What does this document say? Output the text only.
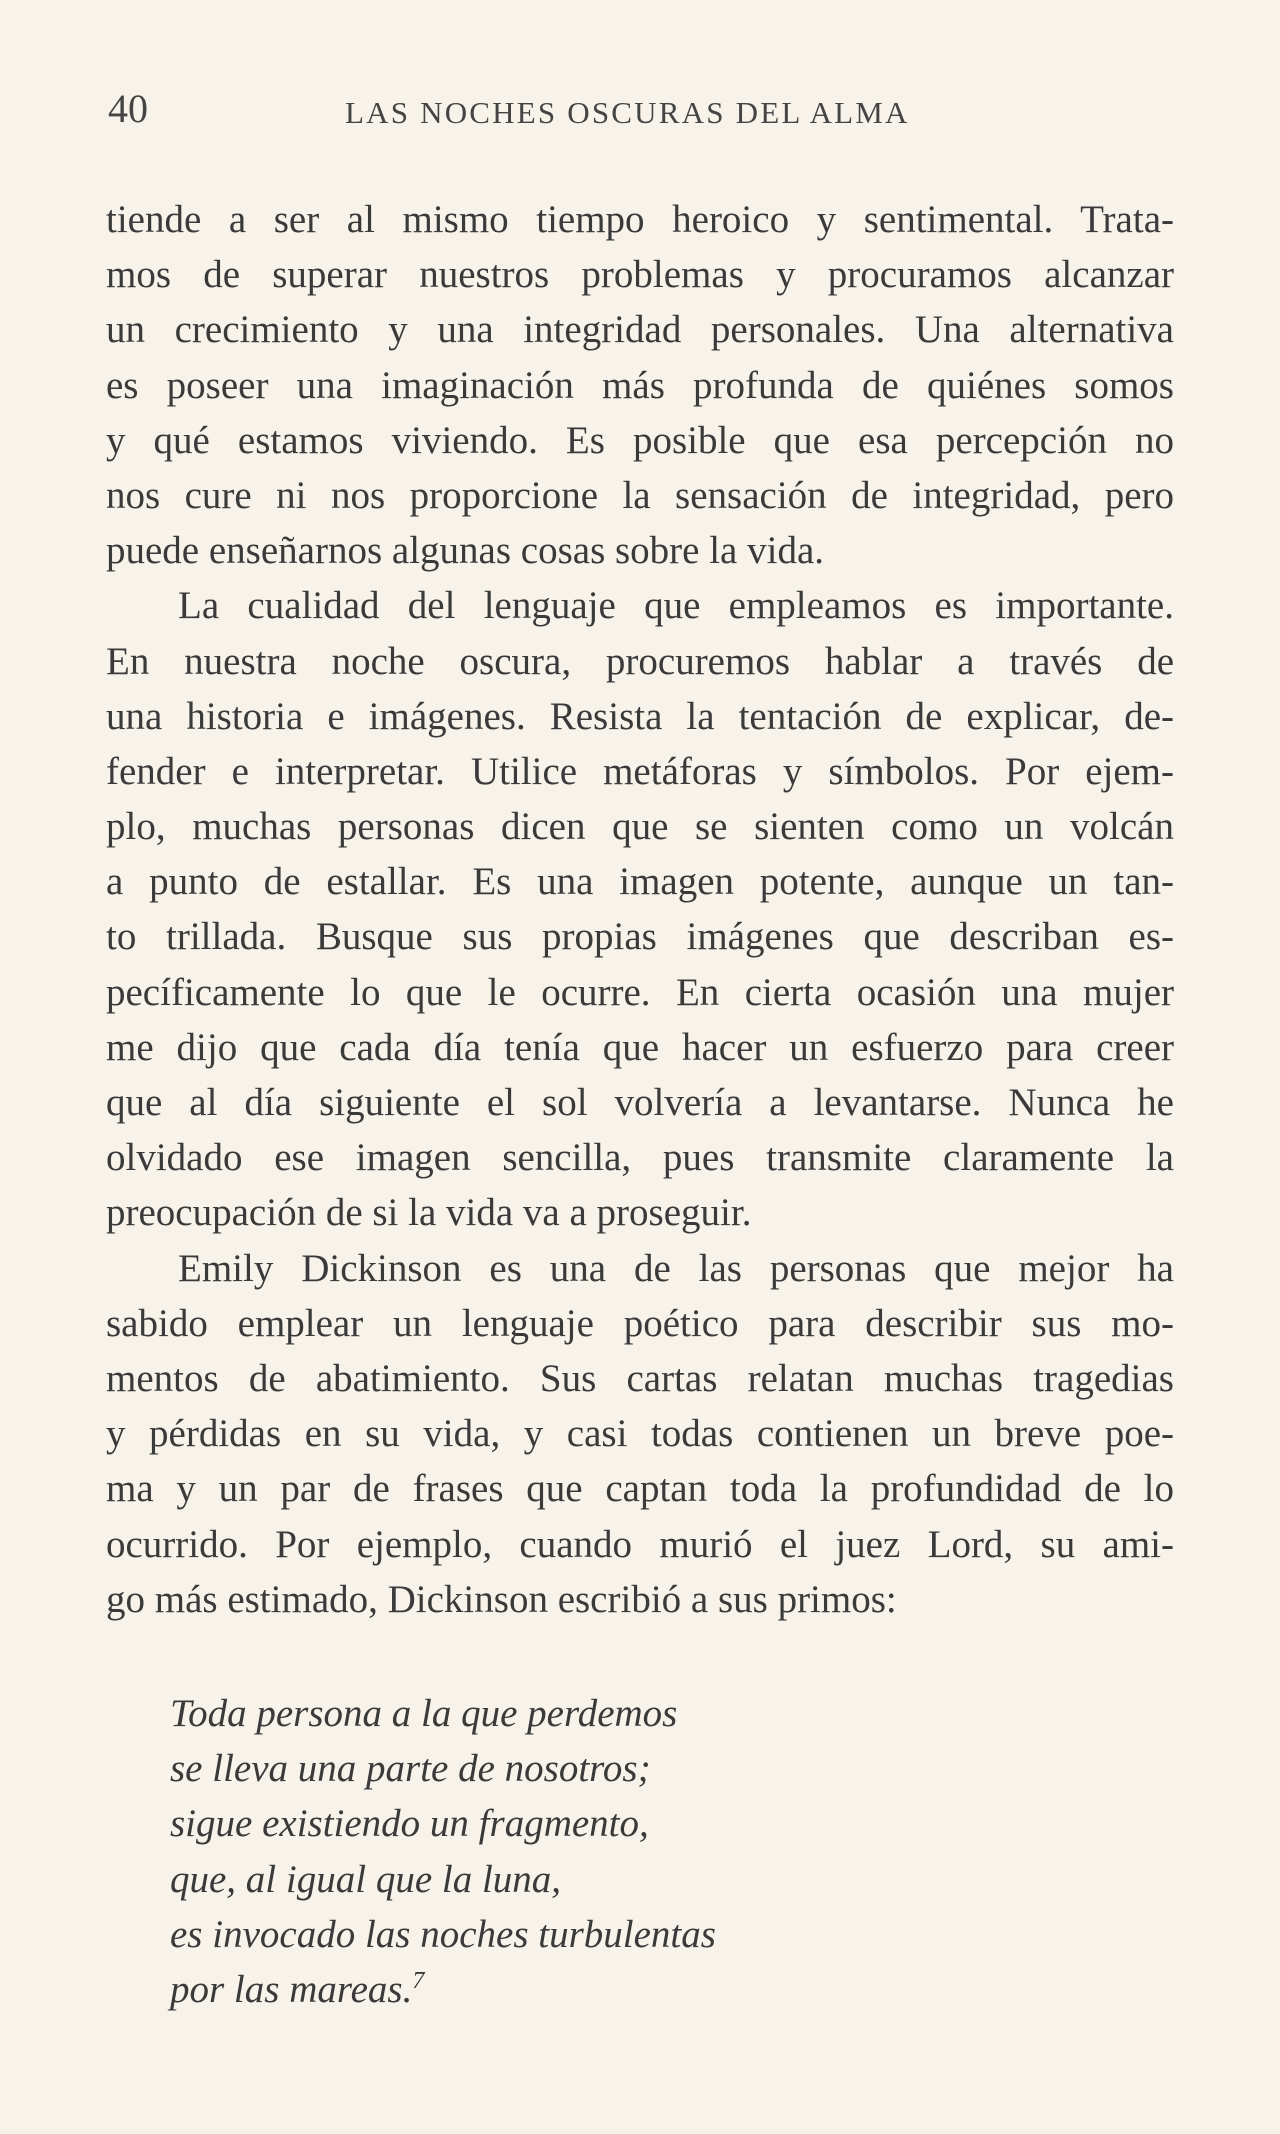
40	LAS NOCHES OSCURAS DEL ALMA
tiende a ser al mismo tiempo heroico y sentimental. Trata-
mos de superar nuestros problemas y procuramos alcanzar
un crecimiento y una integridad personales. Una alternativa
es poseer una imaginación más profunda de quiénes somos
y qué estamos viviendo. Es posible que esa percepción no
nos cure ni nos proporcione la sensación de integridad, pero
puede enseñarnos algunas cosas sobre la vida.
La cualidad del lenguaje que empleamos es importante.
En nuestra noche oscura, procuremos hablar a través de
una historia e imágenes. Resista la tentación de explicar, de-
fender e interpretar. Utilice metáforas y símbolos. Por ejem-
plo, muchas personas dicen que se sienten como un volcán
a punto de estallar. Es una imagen potente, aunque un tan-
to trillada. Busque sus propias imágenes que describan es-
pecíficamente lo que le ocurre. En cierta ocasión una mujer
me dijo que cada día tenía que hacer un esfuerzo para creer
que al día siguiente el sol volvería a levantarse. Nunca he
olvidado ese imagen sencilla, pues transmite claramente la
preocupación de si la vida va a proseguir.
Emily Dickinson es una de las personas que mejor ha
sabido emplear un lenguaje poético para describir sus mo-
mentos de abatimiento. Sus cartas relatan muchas tragedias
y pérdidas en su vida, y casi todas contienen un breve poe-
ma y un par de frases que captan toda la profundidad de lo
ocurrido. Por ejemplo, cuando murió el juez Lord, su ami-
go más estimado, Dickinson escribió a sus primos:
Toda persona a la que perdemos
se lleva una parte de nosotros;
sigue existiendo un fragmento,
que, al igual que la luna,
es invocado las noches turbulentas
por las mareas.$^7$
